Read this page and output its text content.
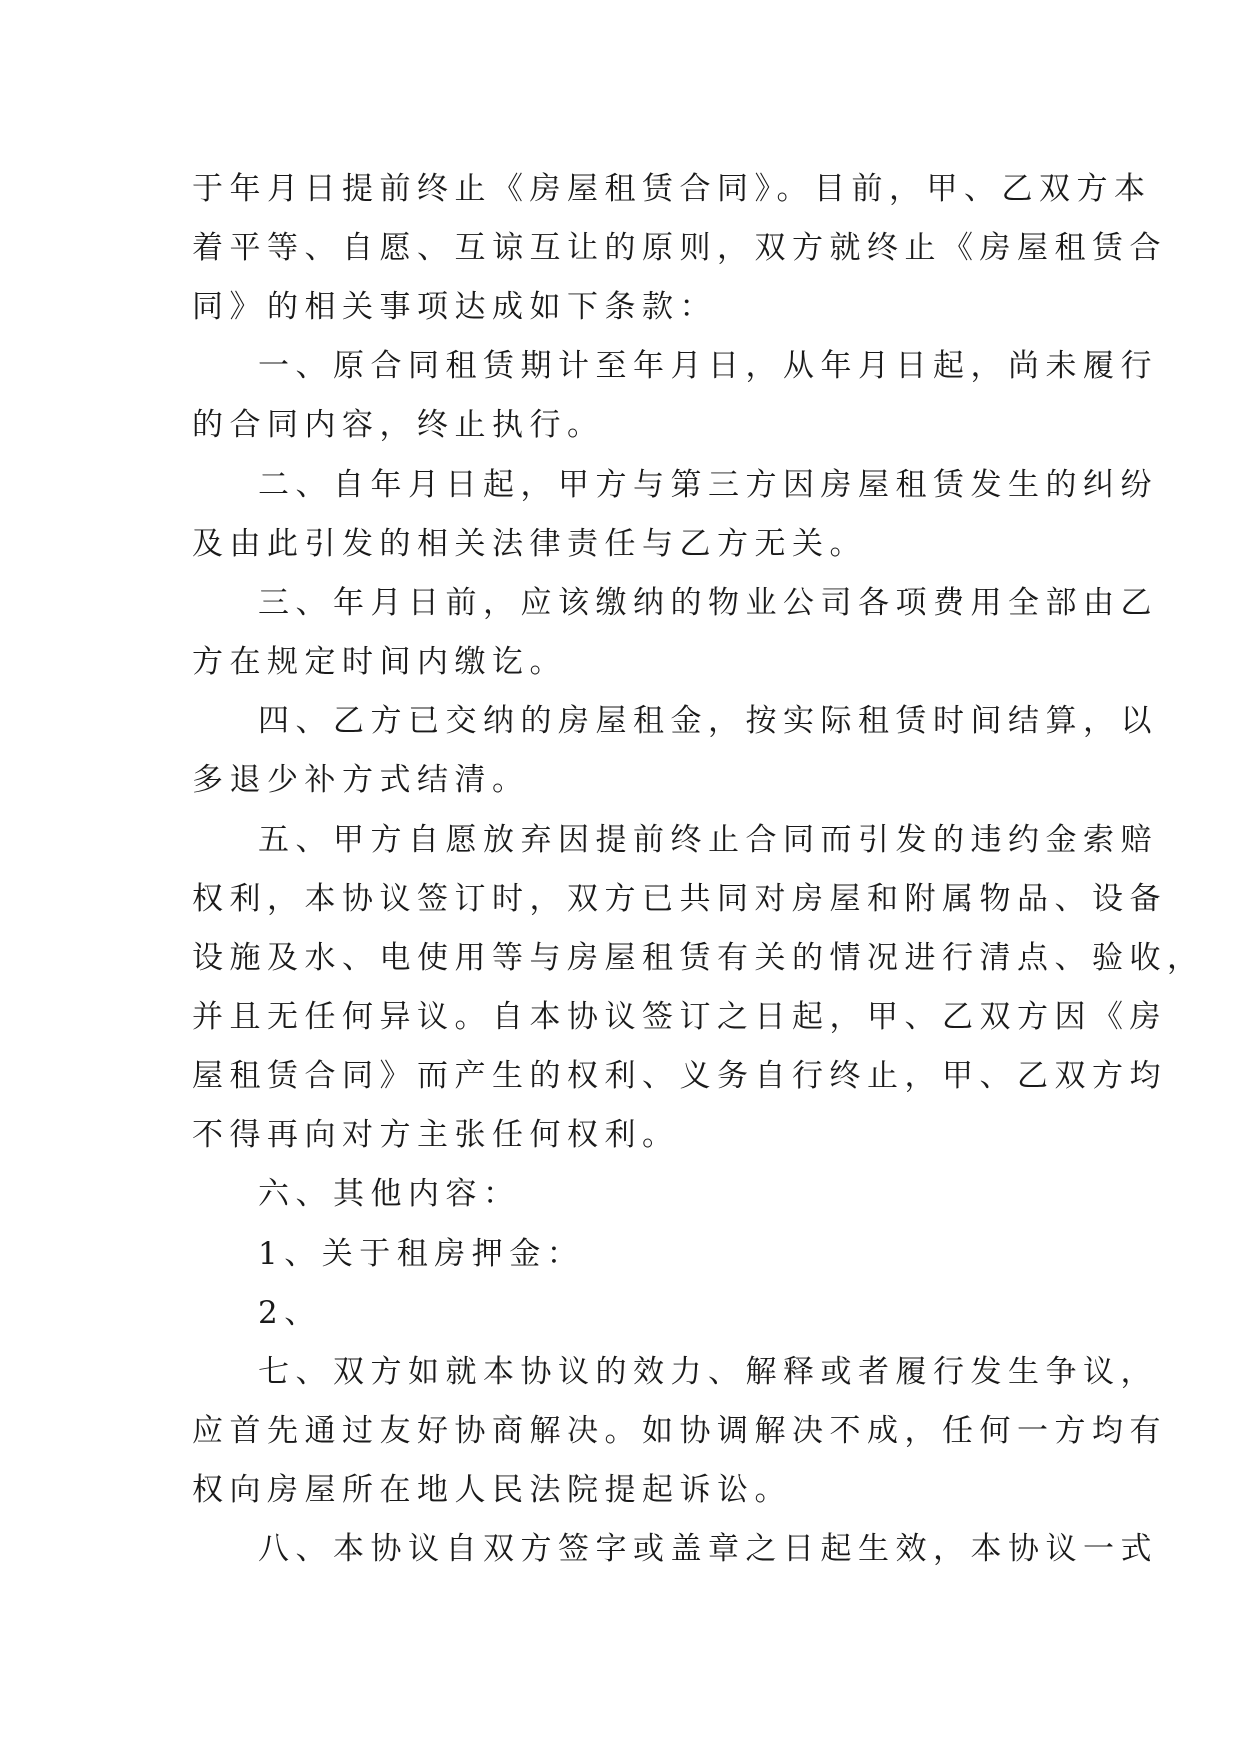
于年月日提前终止《房屋租赁合同》。目前，甲、乙双方本
着平等、自愿、互谅互让的原则，双方就终止《房屋租赁合
同》的相关事项达成如下条款：
一、原合同租赁期计至年月日，从年月日起，尚未履行
的合同内容，终止执行。
二、自年月日起，甲方与第三方因房屋租赁发生的纠纷
及由此引发的相关法律责任与乙方无关。
三、年月日前，应该缴纳的物业公司各项费用全部由乙
方在规定时间内缴讫。
四、乙方已交纳的房屋租金，按实际租赁时间结算，以
多退少补方式结清。
五、甲方自愿放弃因提前终止合同而引发的违约金索赔
权利，本协议签订时，双方已共同对房屋和附属物品、设备
设施及水、电使用等与房屋租赁有关的情况进行清点、验收，
并且无任何异议。自本协议签订之日起，甲、乙双方因《房
屋租赁合同》而产生的权利、义务自行终止，甲、乙双方均
不得再向对方主张任何权利。
六、其他内容：
1、关于租房押金：
2、
七、双方如就本协议的效力、解释或者履行发生争议，
应首先通过友好协商解决。如协调解决不成，任何一方均有
权向房屋所在地人民法院提起诉讼。
八、本协议自双方签字或盖章之日起生效，本协议一式
